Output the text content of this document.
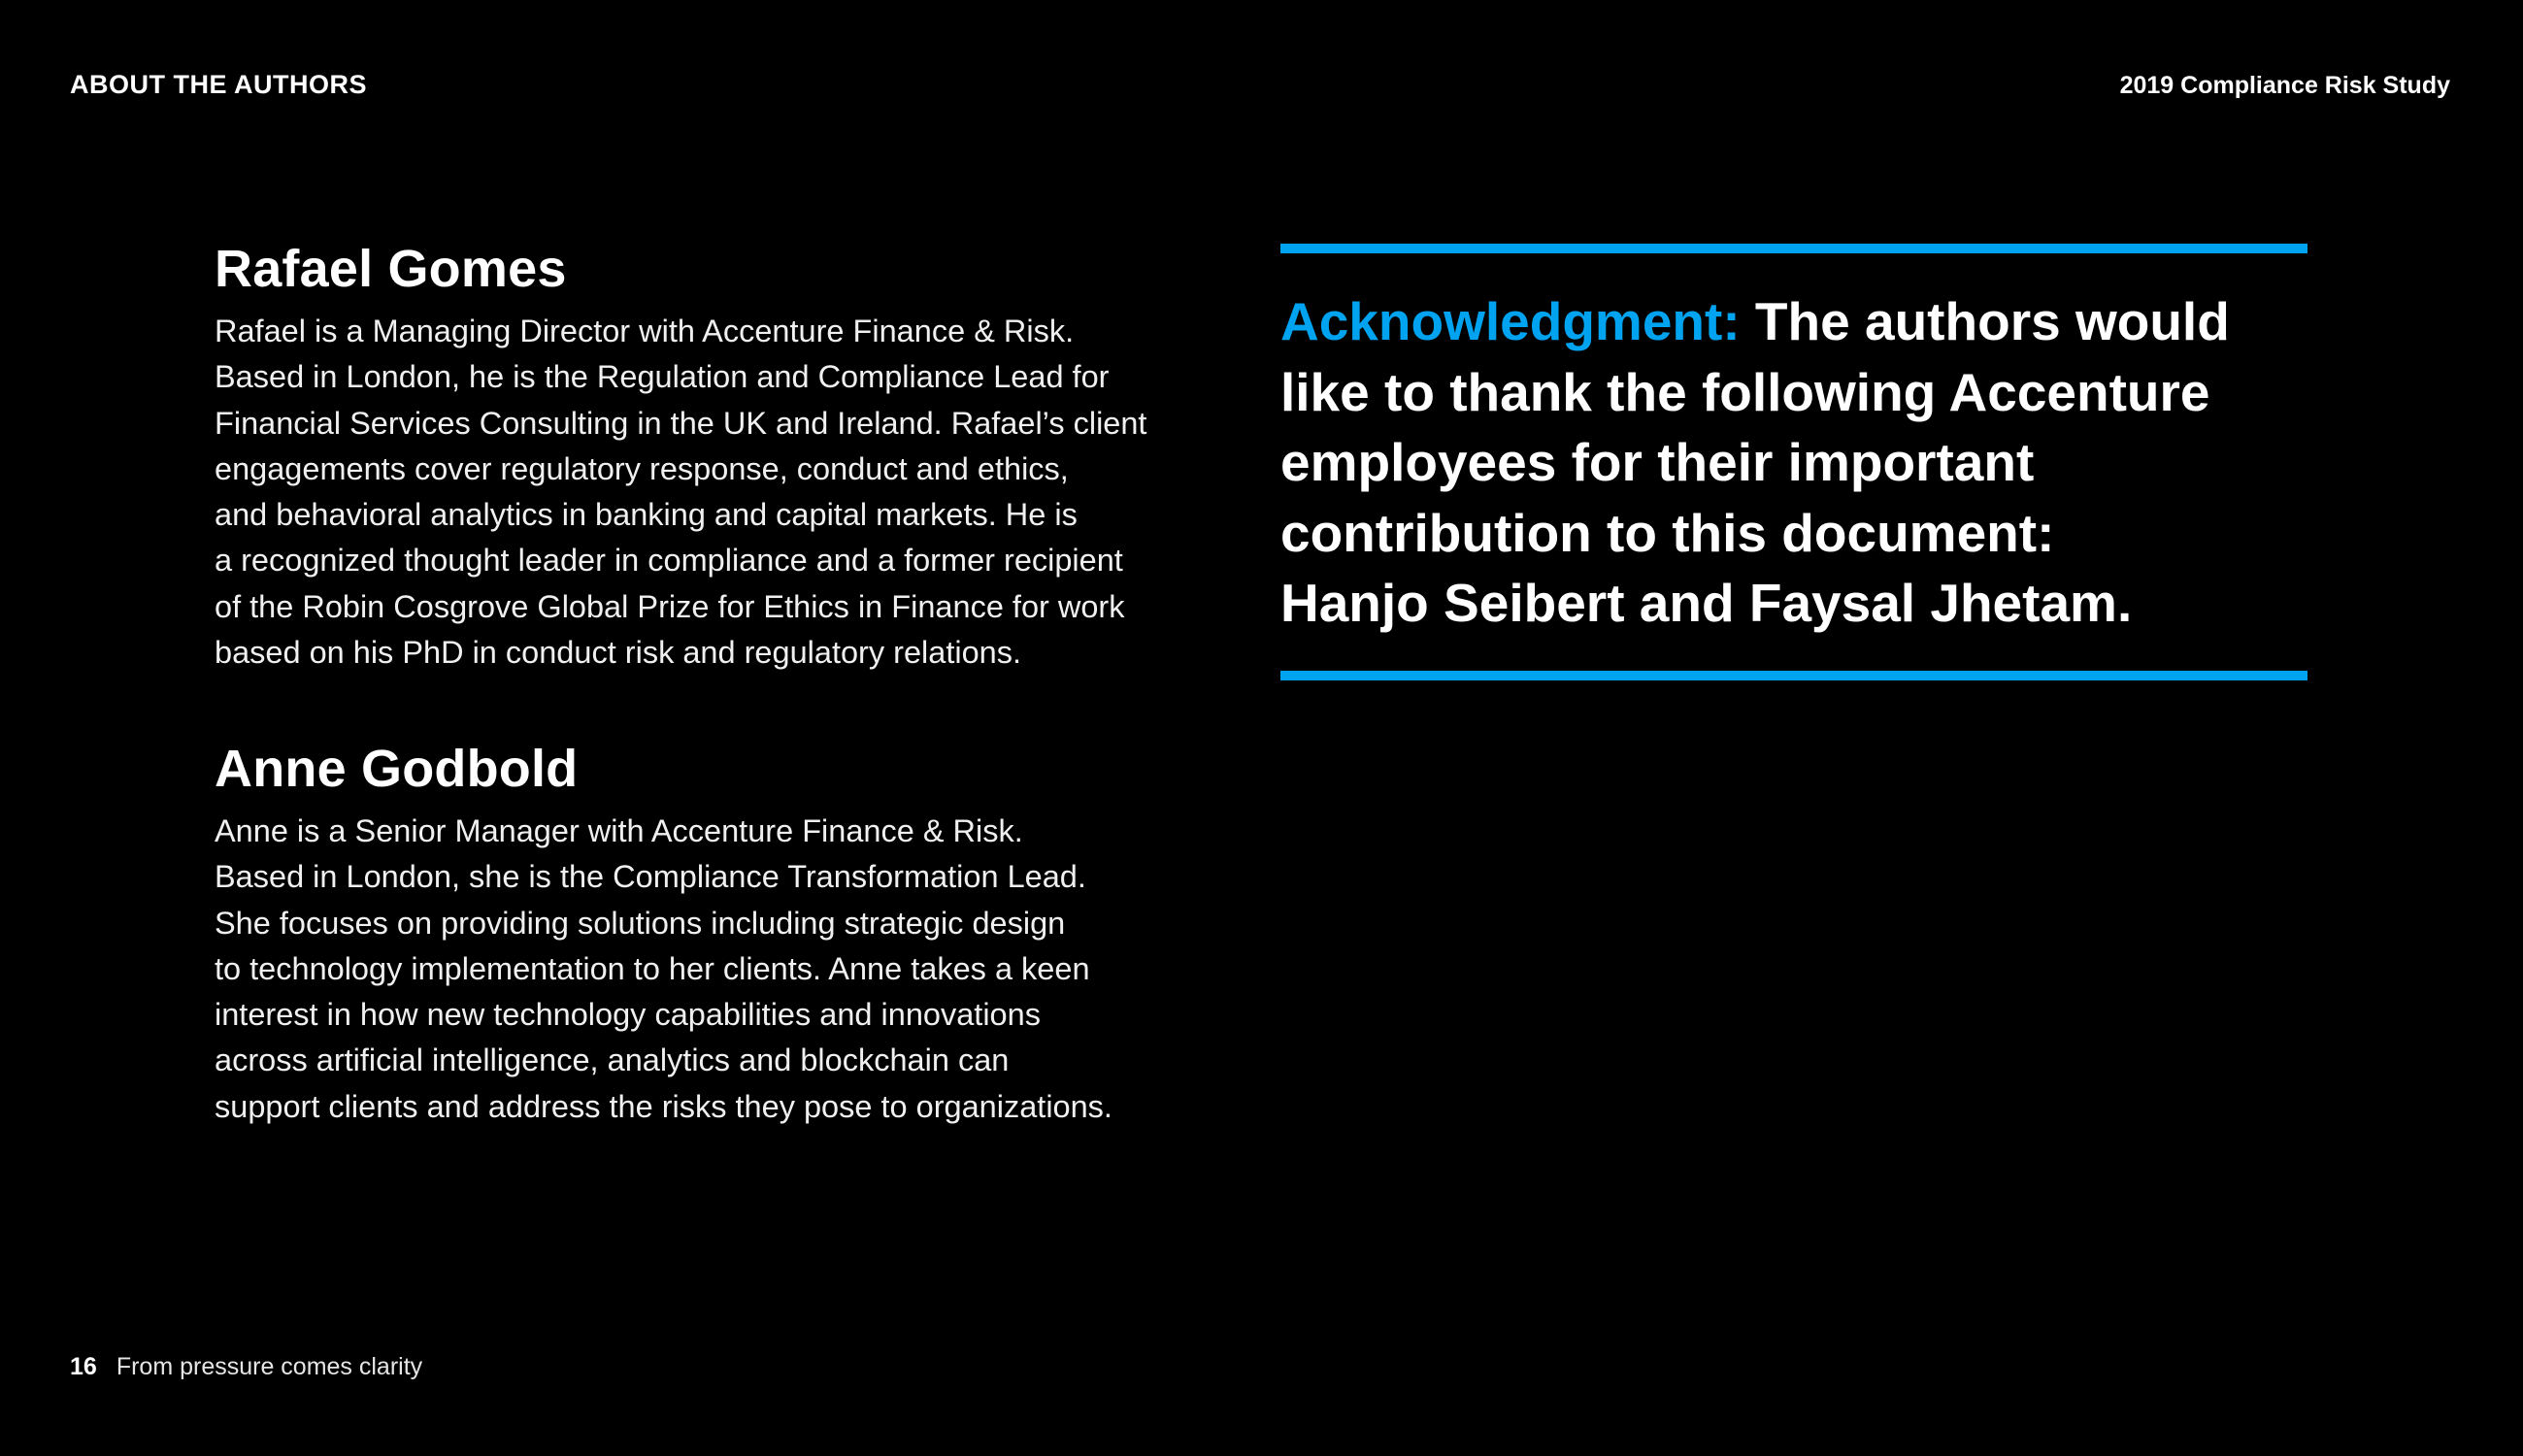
ABOUT THE AUTHORS	2019 Compliance Risk Study
Rafael Gomes

Rafael is a Managing Director with Accenture Finance & Risk.
Based in London, he is the Regulation and Compliance Lead for
Financial Services Consulting in the UK and Ireland. Rafael’s client
engagements cover regulatory response, conduct and ethics,
and behavioral analytics in banking and capital markets. He is
a recognized thought leader in compliance and a former recipient
of the Robin Cosgrove Global Prize for Ethics in Finance for work
based on his PhD in conduct risk and regulatory relations.

Anne Godbold

Anne is a Senior Manager with Accenture Finance & Risk.
Based in London, she is the Compliance Transformation Lead.
She focuses on providing solutions including strategic design
to technology implementation to her clients. Anne takes a keen
interest in how new technology capabilities and innovations
across artificial intelligence, analytics and blockchain can
support clients and address the risks they pose to organizations.

Acknowledgment: The authors would
like to thank the following Accenture
employees for their important
contribution to this document:
Hanjo Seibert and Faysal Jhetam.
16 From pressure comes clarity
